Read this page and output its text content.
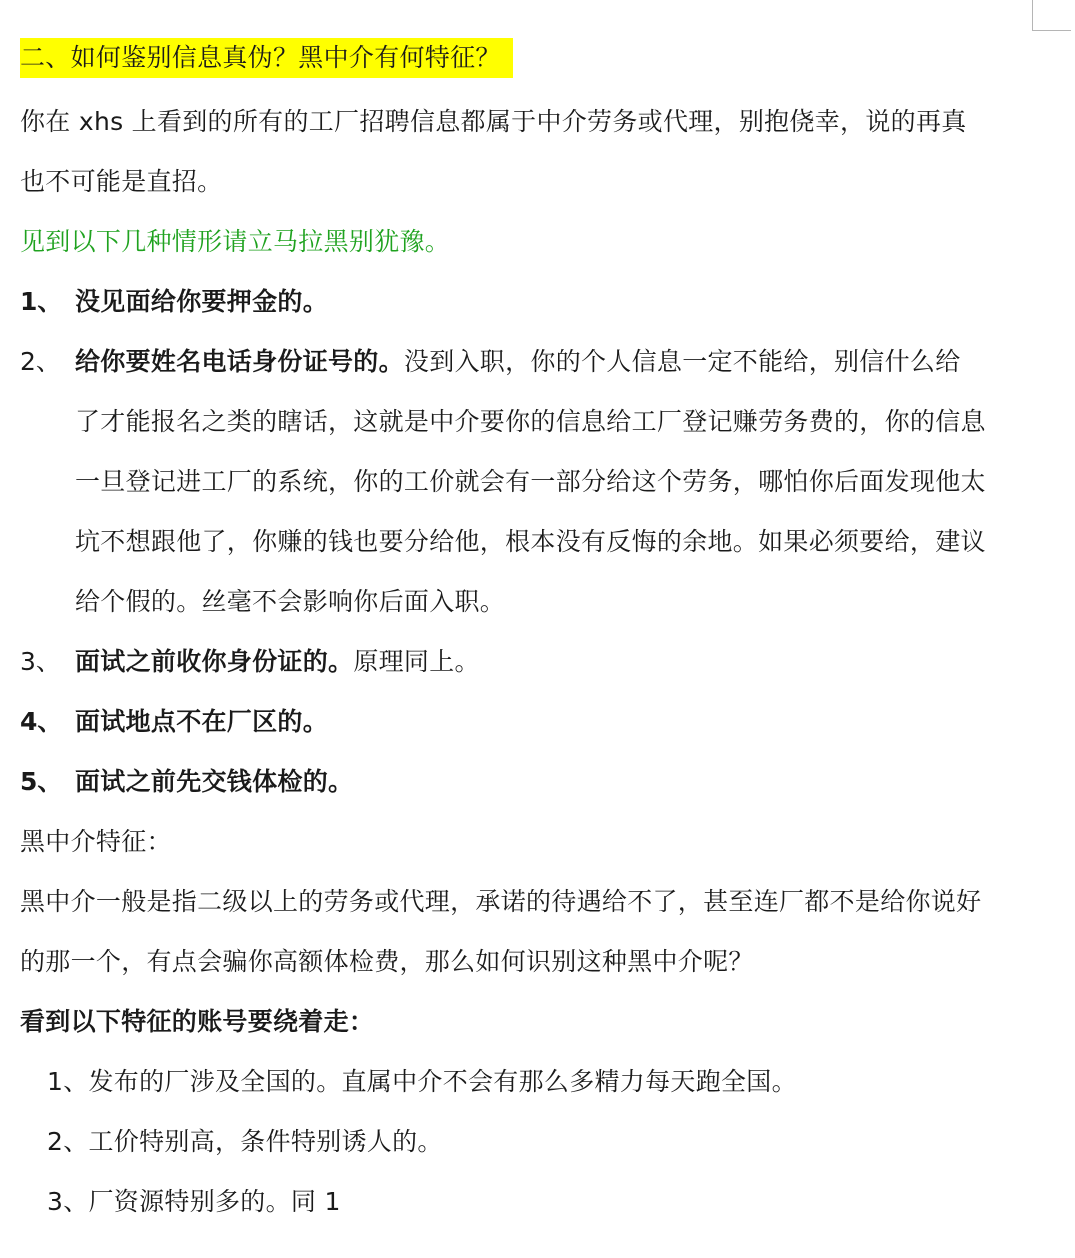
二、如何鉴别信息真伪？黑中介有何特征？
你在 xhs 上看到的所有的工厂招聘信息都属于中介劳务或代理，别抱侥幸，说的再真
也不可能是直招。
见到以下几种情形请立马拉黑别犹豫。
1、 没见面给你要押金的。
2、 给你要姓名电话身份证号的。没到入职，你的个人信息一定不能给，别信什么给
了才能报名之类的瞎话，这就是中介要你的信息给工厂登记赚劳务费的，你的信息
一旦登记进工厂的系统，你的工价就会有一部分给这个劳务，哪怕你后面发现他太
坑不想跟他了，你赚的钱也要分给他，根本没有反悔的余地。如果必须要给，建议
给个假的。丝毫不会影响你后面入职。
3、 面试之前收你身份证的。原理同上。
4、 面试地点不在厂区的。
5、 面试之前先交钱体检的。
黑中介特征：
黑中介一般是指二级以上的劳务或代理，承诺的待遇给不了，甚至连厂都不是给你说好
的那一个，有点会骗你高额体检费，那么如何识别这种黑中介呢？
看到以下特征的账号要绕着走：
1、发布的厂涉及全国的。直属中介不会有那么多精力每天跑全国。
2、工价特别高，条件特别诱人的。
3、厂资源特别多的。同 1
